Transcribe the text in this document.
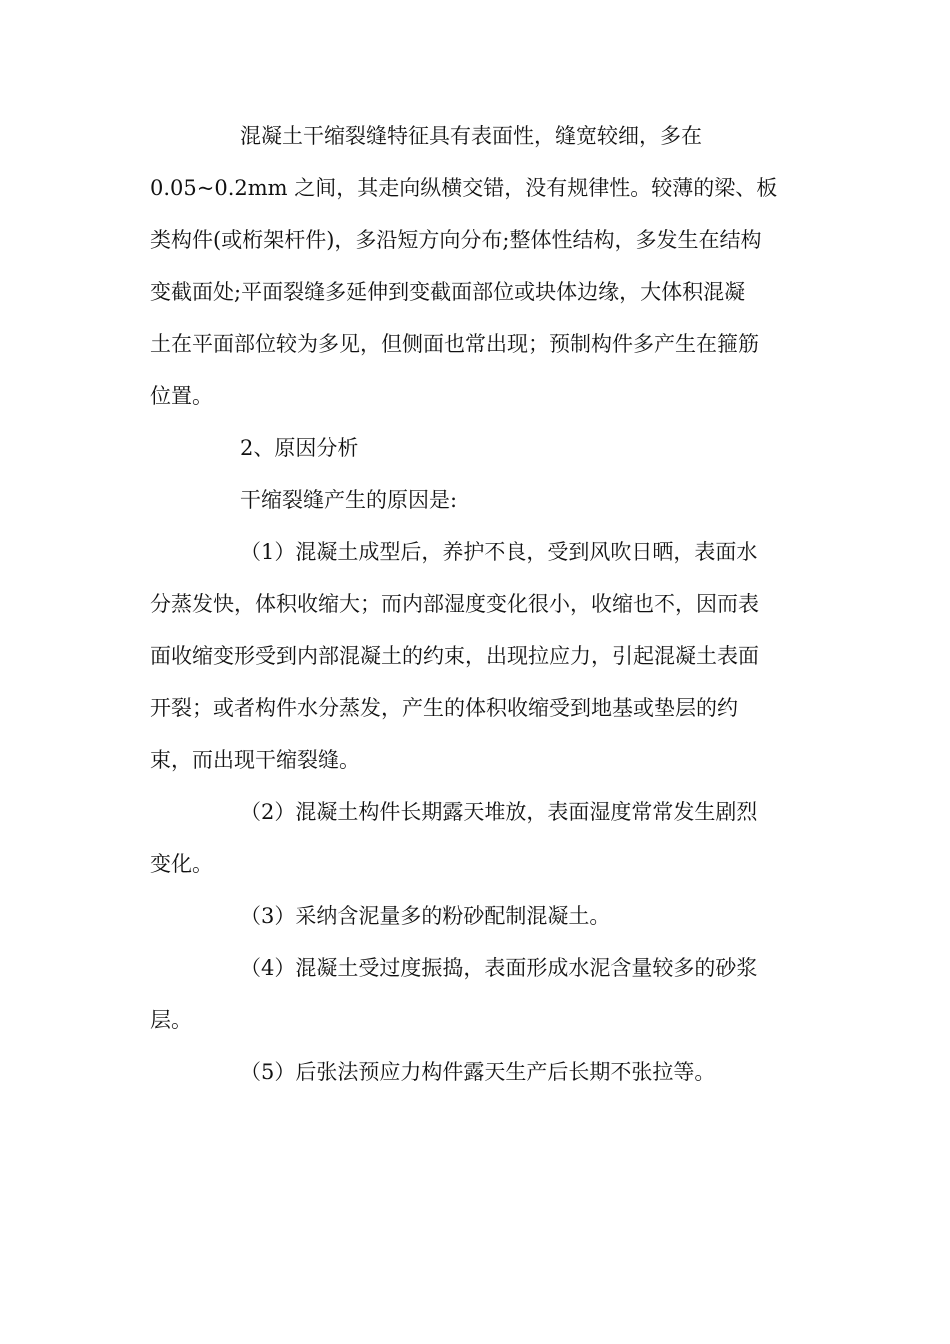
混凝土干缩裂缝特征具有表面性，缝宽较细，多在
0.05~0.2mm 之间，其走向纵横交错，没有规律性。较薄的梁、板
类构件(或桁架杆件)，多沿短方向分布;整体性结构，多发生在结构
变截面处;平面裂缝多延伸到变截面部位或块体边缘，大体积混凝
土在平面部位较为多见，但侧面也常出现；预制构件多产生在箍筋
位置。
2、原因分析
干缩裂缝产生的原因是:
（1）混凝土成型后，养护不良，受到风吹日晒，表面水
分蒸发快，体积收缩大；而内部湿度变化很小，收缩也不，因而表
面收缩变形受到内部混凝土的约束，出现拉应力，引起混凝土表面
开裂；或者构件水分蒸发，产生的体积收缩受到地基或垫层的约
束，而出现干缩裂缝。
（2）混凝土构件长期露天堆放，表面湿度常常发生剧烈
变化。
（3）采纳含泥量多的粉砂配制混凝土。
（4）混凝土受过度振捣，表面形成水泥含量较多的砂浆
层。
（5）后张法预应力构件露天生产后长期不张拉等。
